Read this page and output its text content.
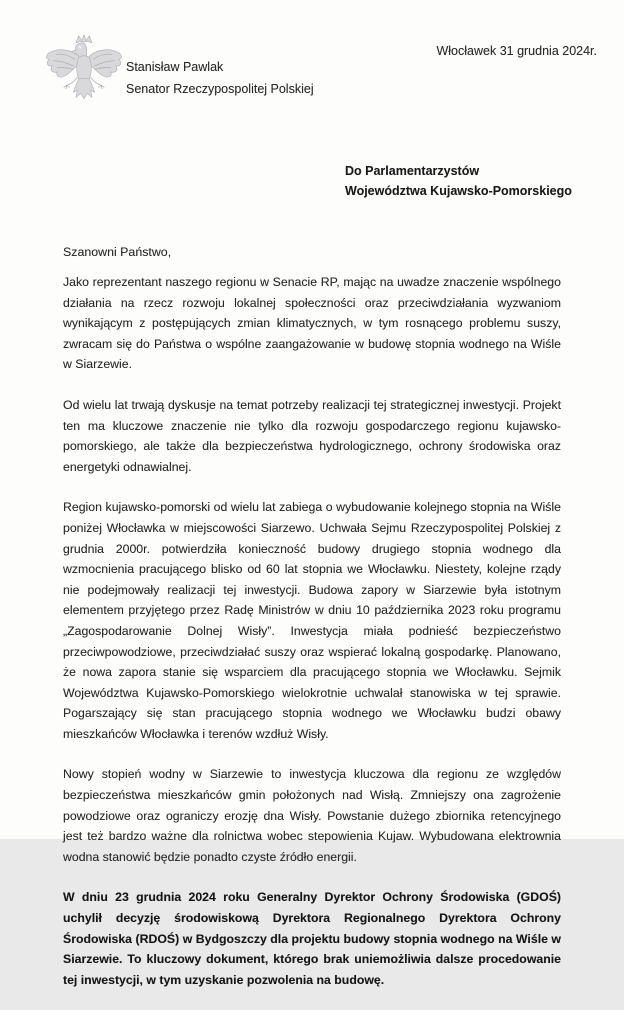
Stanisław Pawlak
Senator Rzeczypospolitej Polskiej
Włocławek 31 grudnia 2024r.
Do Parlamentarzystów
Województwa Kujawsko-Pomorskiego
Szanowni Państwo,

Jako reprezentant naszego regionu w Senacie RP, mając na uwadze znaczenie wspólnego działania na rzecz rozwoju lokalnej społeczności oraz przeciwdziałania wyzwaniom wynikającym z postępujących zmian klimatycznych, w tym rosnącego problemu suszy, zwracam się do Państwa o wspólne zaangażowanie w budowę stopnia wodnego na Wiśle w Siarzewie.

Od wielu lat trwają dyskusje na temat potrzeby realizacji tej strategicznej inwestycji. Projekt ten ma kluczowe znaczenie nie tylko dla rozwoju gospodarczego regionu kujawsko-pomorskiego, ale także dla bezpieczeństwa hydrologicznego, ochrony środowiska oraz energetyki odnawialnej.

Region kujawsko-pomorski od wielu lat zabiega o wybudowanie kolejnego stopnia na Wiśle poniżej Włocławka w miejscowości Siarzewo. Uchwała Sejmu Rzeczypospolitej Polskiej z grudnia 2000r. potwierdziła konieczność budowy drugiego stopnia wodnego dla wzmocnienia pracującego blisko od 60 lat stopnia we Włocławku. Niestety, kolejne rządy nie podejmowały realizacji tej inwestycji. Budowa zapory w Siarzewie była istotnym elementem przyjętego przez Radę Ministrów w dniu 10 października 2023 roku programu „Zagospodarowanie Dolnej Wisły”. Inwestycja miała podnieść bezpieczeństwo przeciwpowodziowe, przeciwdziałać suszy oraz wspierać lokalną gospodarkę. Planowano, że nowa zapora stanie się wsparciem dla pracującego stopnia we Włocławku. Sejmik Województwa Kujawsko-Pomorskiego wielokrotnie uchwalał stanowiska w tej sprawie. Pogarszający się stan pracującego stopnia wodnego we Włocławku budzi obawy mieszkańców Włocławka i terenów wzdłuż Wisły.

Nowy stopień wodny w Siarzewie to inwestycja kluczowa dla regionu ze względów bezpieczeństwa mieszkańców gmin położonych nad Wisłą. Zmniejszy ona zagrożenie powodziowe oraz ograniczy erozję dna Wisły. Powstanie dużego zbiornika retencyjnego jest też bardzo ważne dla rolnictwa wobec stepowienia Kujaw. Wybudowana elektrownia wodna stanowić będzie ponadto czyste źródło energii.

W dniu 23 grudnia 2024 roku Generalny Dyrektor Ochrony Środowiska (GDOŚ) uchylił decyzję środowiskową Dyrektora Regionalnego Dyrektora Ochrony Środowiska (RDOŚ) w Bydgoszczy dla projektu budowy stopnia wodnego na Wiśle w Siarzewie. To kluczowy dokument, którego brak uniemożliwia dalsze procedowanie tej inwestycji, w tym uzyskanie pozwolenia na budowę.
